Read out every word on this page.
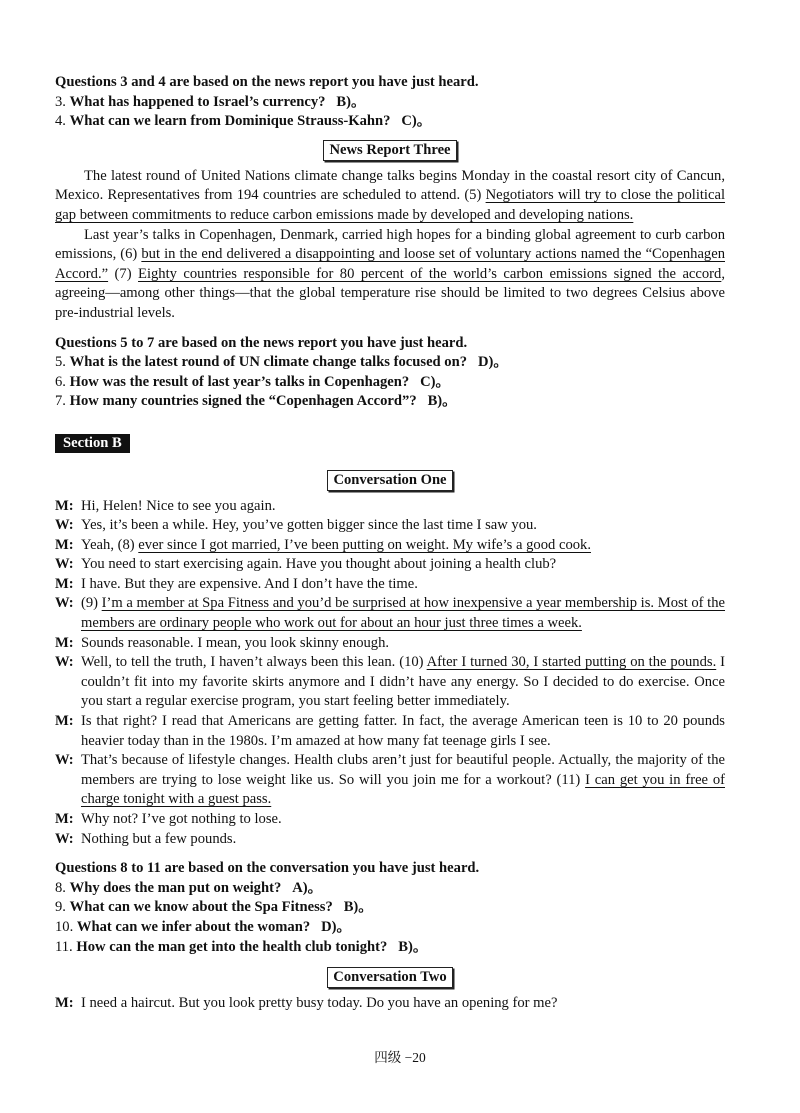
Questions 3 and 4 are based on the news report you have just heard.
3. What has happened to Israel’s currency? B)。
4. What can we learn from Dominique Strauss-Kahn? C)。
News Report Three

The latest round of United Nations climate change talks begins Monday in the coastal resort city of Cancun, Mexico. Representatives from 194 countries are scheduled to attend. (5) Negotiators will try to close the political gap between commitments to reduce carbon emissions made by developed and developing nations.

Last year’s talks in Copenhagen, Denmark, carried high hopes for a binding global agreement to curb carbon emissions, (6) but in the end delivered a disappointing and loose set of voluntary actions named the “Copenhagen Accord.” (7) Eighty countries responsible for 80 percent of the world’s carbon emissions signed the accord, agreeing—among other things—that the global temperature rise should be limited to two degrees Celsius above pre-industrial levels.

Questions 5 to 7 are based on the news report you have just heard.
5. What is the latest round of UN climate change talks focused on? D)。
6. How was the result of last year’s talks in Copenhagen? C)。
7. How many countries signed the “Copenhagen Accord”? B)。
Section B
Conversation One
M: Hi, Helen! Nice to see you again.
W: Yes, it’s been a while. Hey, you’ve gotten bigger since the last time I saw you.
M: Yeah, (8) ever since I got married, I’ve been putting on weight. My wife’s a good cook.
W: You need to start exercising again. Have you thought about joining a health club?
M: I have. But they are expensive. And I don’t have the time.
W: (9) I’m a member at Spa Fitness and you’d be surprised at how inexpensive a year membership is. Most of the members are ordinary people who work out for about an hour just three times a week.
M: Sounds reasonable. I mean, you look skinny enough.
W: Well, to tell the truth, I haven’t always been this lean. (10) After I turned 30, I started putting on the pounds. I couldn’t fit into my favorite skirts anymore and I didn’t have any energy. So I decided to do exercise. Once you start a regular exercise program, you start feeling better immediately.
M: Is that right? I read that Americans are getting fatter. In fact, the average American teen is 10 to 20 pounds heavier today than in the 1980s. I’m amazed at how many fat teenage girls I see.
W: That’s because of lifestyle changes. Health clubs aren’t just for beautiful people. Actually, the majority of the members are trying to lose weight like us. So will you join me for a workout? (11) I can get you in free of charge tonight with a guest pass.
M: Why not? I’ve got nothing to lose.
W: Nothing but a few pounds.
Questions 8 to 11 are based on the conversation you have just heard.
8. Why does the man put on weight? A)。
9. What can we know about the Spa Fitness? B)。
10. What can we infer about the woman? D)。
11. How can the man get into the health club tonight? B)。
Conversation Two
M: I need a haircut. But you look pretty busy today. Do you have an opening for me?
四级 −20
